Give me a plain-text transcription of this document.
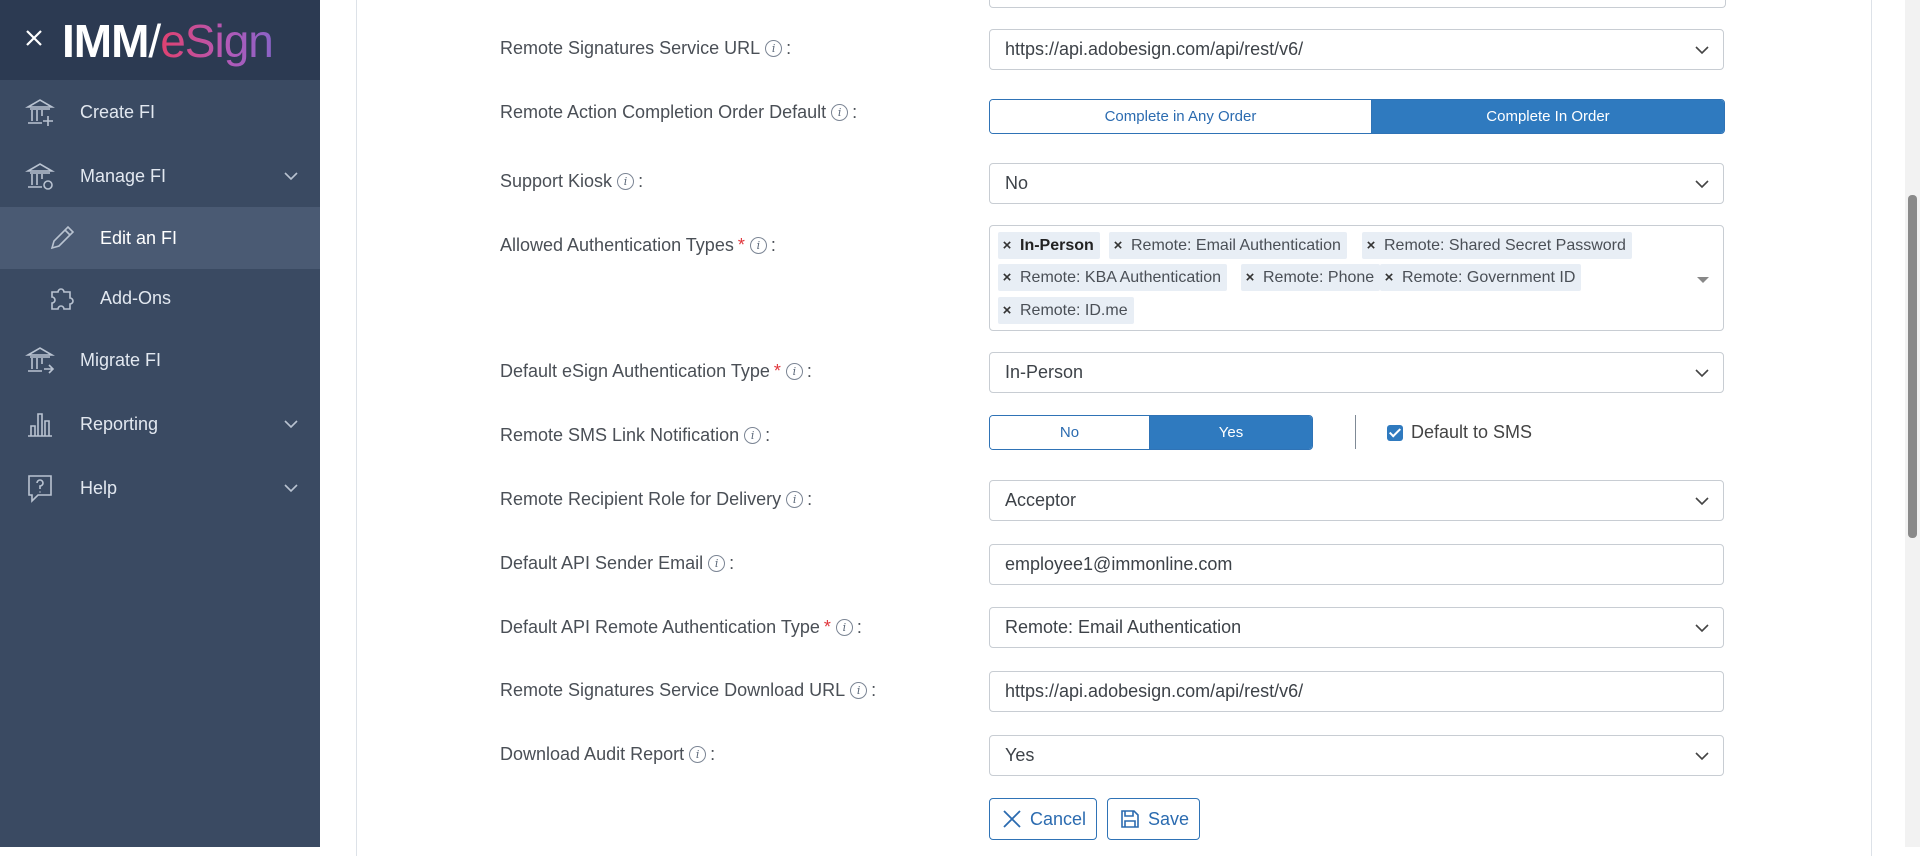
IMM/eSign
Create FI
Manage FI
Edit an FI
Add-Ons
Migrate FI
Reporting
Help
Remote Signatures Service URL	i :	https://api.adobesign.com/api/rest/v6/
Remote Action Completion Order Default	i :	Complete in Any Order	Complete In Order
Support Kiosk	i :	No
Allowed Authentication Types *	i :	× In-Person	× Remote: Email Authentication	× Remote: Shared Secret Password
× Remote: KBA Authentication	× Remote: Phone × Remote: Government ID
× Remote: ID.me
Default eSign Authentication Type *	i :	In-Person
Remote SMS Link Notification	i :	No	Yes	Default to SMS
Remote Recipient Role for Delivery	i :	Acceptor
Default API Sender Email	i :	employee1@immonline.com
Default API Remote Authentication Type *	i :	Remote: Email Authentication
Remote Signatures Service Download URL	i :	https://api.adobesign.com/api/rest/v6/
Download Audit Report	i :	Yes
Cancel	Save
